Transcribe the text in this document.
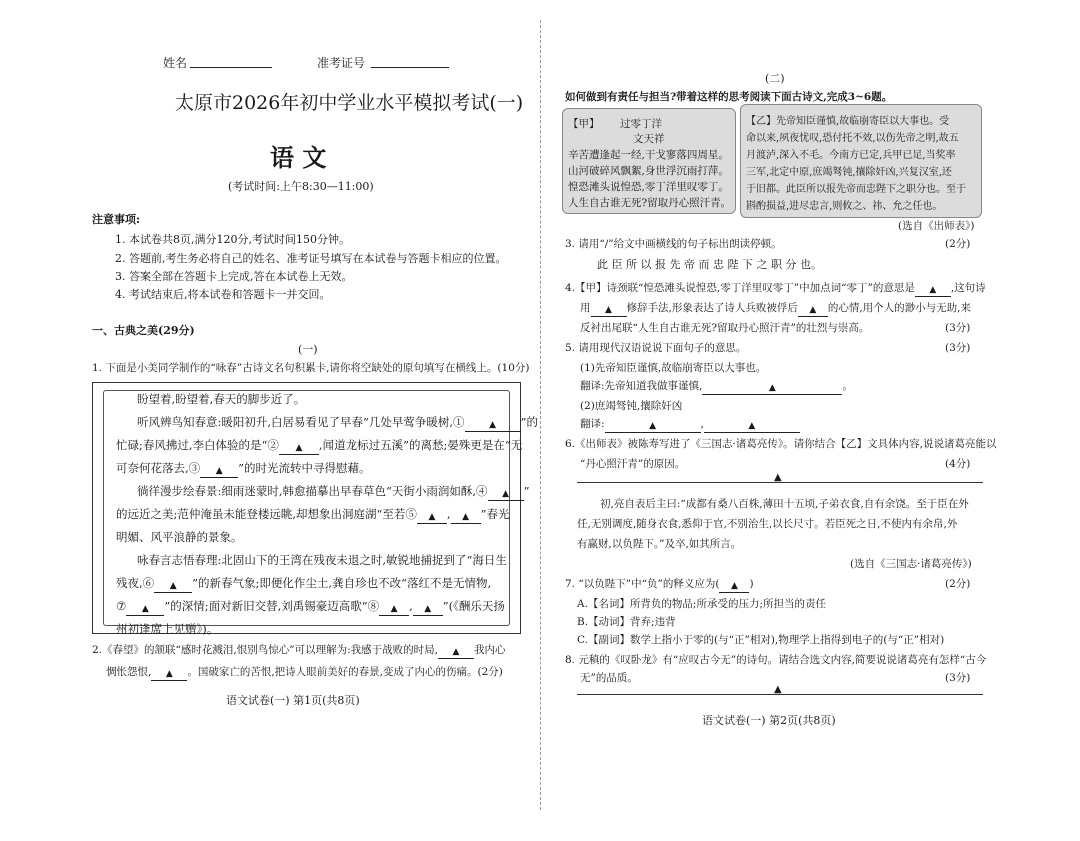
姓名	准考证号
太原市2026年初中学业水平模拟考试(一)
语 文
(考试时间:上午8:30—11:00)
注意事项:
1. 本试卷共8页,满分120分,考试时间150分钟。
2. 答题前,考生务必将自己的姓名、准考证号填写在本试卷与答题卡相应的位置。
3. 答案全部在答题卡上完成,答在本试卷上无效。
4. 考试结束后,将本试卷和答题卡一并交回。
一、古典之美(29分)
(一)
1. 下面是小美同学制作的“咏春”古诗文名句积累卡,请你将空缺处的原句填写在横线上。(10分)
盼望着,盼望着,春天的脚步近了。
听风辨鸟知春意:暖阳初升,白居易看见了早春“几处早莺争暖树,①	▲	”的
忙碌;春风拂过,李白体验的是“②	▲	,闻道龙标过五溪”的离愁;晏殊更是在“无
可奈何花落去,③	▲	”的时光流转中寻得慰藉。
徜徉漫步绘春景:细雨迷蒙时,韩愈描摹出早春草色“天街小雨润如酥,④	▲	”
的远近之美;范仲淹虽未能登楼远眺,却想象出洞庭湖“至若⑤	▲	,	▲	”春光
明媚、风平浪静的景象。
咏春言志悟春理:北固山下的王湾在残夜未退之时,敏锐地捕捉到了“海日生
残夜,⑥	▲	”的新春气象;即便化作尘土,龚自珍也不改“落红不是无情物,
⑦	▲	”的深情;面对新旧交替,刘禹锡豪迈高歌“⑧	▲	,	▲	”(《酬乐天扬
州初逢席上见赠》)。
2.《春望》的颔联“感时花溅泪,恨别鸟惊心”可以理解为:我感于战败的时局,	▲	我内心
惆怅怨恨,	▲	。国破家亡的苦恨,把诗人眼前美好的春景,变成了内心的伤痛。(2分)
语文试卷(一) 第1页(共8页)
(二)
如何做到有责任与担当?带着这样的思考阅读下面古诗文,完成3~6题。
【甲】 过零丁洋
文天祥
辛苦遭逢起一经,干戈寥落四周星。
山河破碎风飘絮,身世浮沉雨打萍。
惶恐滩头说惶恐,零丁洋里叹零丁。
人生自古谁无死?留取丹心照汗青。
【乙】先帝知臣谨慎,故临崩寄臣以大事也。受
命以来,夙夜忧叹,恐付托不效,以伤先帝之明,故五
月渡泸,深入不毛。今南方已定,兵甲已足,当奖率
三军,北定中原,庶竭驽钝,攘除奸凶,兴复汉室,还
于旧都。此臣所以报先帝而忠陛下之职分也。至于
斟酌损益,进尽忠言,则攸之、祎、允之任也。
(选自《出师表》)
3. 请用“/”给文中画横线的句子标出朗读停顿。	(2分)
此 臣 所 以 报 先 帝 而 忠 陛 下 之 职 分 也。
4.【甲】诗颈联“惶恐滩头说惶恐,零丁洋里叹零丁”中加点词“零丁”的意思是	▲	,这句诗
用	▲	修辞手法,形象表达了诗人兵败被俘后	▲	的心情,用个人的渺小与无助,来
反衬出尾联“人生自古谁无死?留取丹心照汗青”的壮烈与崇高。	(3分)
5. 请用现代汉语说说下面句子的意思。	(3分)
(1)先帝知臣谨慎,故临崩寄臣以大事也。
翻译:先帝知道我做事谨慎,	▲	。
(2)庶竭驽钝,攘除奸凶
翻译:	▲	,	▲
6.《出师表》被陈寿写进了《三国志·诸葛亮传》。请你结合【乙】文具体内容,说说诸葛亮能以
“丹心照汗青”的原因。	(4分)
▲
初,亮自表后主曰:“成都有桑八百株,薄田十五顷,子弟衣食,自有余饶。至于臣在外
任,无别调度,随身衣食,悉仰于官,不别治生,以长尺寸。若臣死之日,不使内有余帛,外
有赢财,以负陛下。”及卒,如其所言。
(选自《三国志·诸葛亮传》)
7. “以负陛下”中“负”的释义应为(	▲	)	(2分)
A.【名词】所背负的物品;所承受的压力;所担当的责任
B.【动词】背弃;违背
C.【副词】数学上指小于零的(与“正”相对),物理学上指得到电子的(与“正”相对)
8. 元稹的《叹卧龙》有“应叹古今无”的诗句。请结合选文内容,简要说说诸葛亮有怎样“古今
无”的品质。	(3分)
▲
语文试卷(一) 第2页(共8页)
